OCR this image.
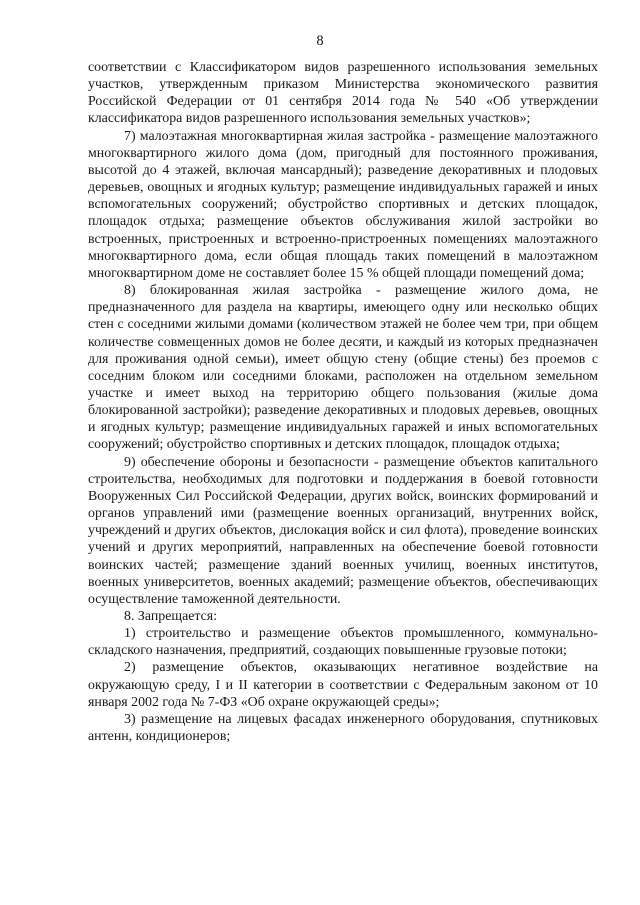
8

соответствии с Классификатором видов разрешенного использования земельных участков, утвержденным приказом Министерства экономического развития Российской Федерации от 01 сентября 2014 года № 540 «Об утверждении классификатора видов разрешенного использования земельных участков»;

7) малоэтажная многоквартирная жилая застройка - размещение малоэтажного многоквартирного жилого дома (дом, пригодный для постоянного проживания, высотой до 4 этажей, включая мансардный); разведение декоративных и плодовых деревьев, овощных и ягодных культур; размещение индивидуальных гаражей и иных вспомогательных сооружений; обустройство спортивных и детских площадок, площадок отдыха; размещение объектов обслуживания жилой застройки во встроенных, пристроенных и встроенно-пристроенных помещениях малоэтажного многоквартирного дома, если общая площадь таких помещений в малоэтажном многоквартирном доме не составляет более 15 % общей площади помещений дома;

8) блокированная жилая застройка - размещение жилого дома, не предназначенного для раздела на квартиры, имеющего одну или несколько общих стен с соседними жилыми домами (количеством этажей не более чем три, при общем количестве совмещенных домов не более десяти, и каждый из которых предназначен для проживания одной семьи), имеет общую стену (общие стены) без проемов с соседним блоком или соседними блоками, расположен на отдельном земельном участке и имеет выход на территорию общего пользования (жилые дома блокированной застройки); разведение декоративных и плодовых деревьев, овощных и ягодных культур; размещение индивидуальных гаражей и иных вспомогательных сооружений; обустройство спортивных и детских площадок, площадок отдыха;

9) обеспечение обороны и безопасности - размещение объектов капитального строительства, необходимых для подготовки и поддержания в боевой готовности Вооруженных Сил Российской Федерации, других войск, воинских формирований и органов управлений ими (размещение военных организаций, внутренних войск, учреждений и других объектов, дислокация войск и сил флота), проведение воинских учений и других мероприятий, направленных на обеспечение боевой готовности воинских частей; размещение зданий военных училищ, военных институтов, военных университетов, военных академий; размещение объектов, обеспечивающих осуществление таможенной деятельности.

8. Запрещается:

1) строительство и размещение объектов промышленного, коммунально-складского назначения, предприятий, создающих повышенные грузовые потоки;

2) размещение объектов, оказывающих негативное воздействие на окружающую среду, I и II категории в соответствии с Федеральным законом от 10 января 2002 года № 7-ФЗ «Об охране окружающей среды»;

3) размещение на лицевых фасадах инженерного оборудования, спутниковых антенн, кондиционеров;
